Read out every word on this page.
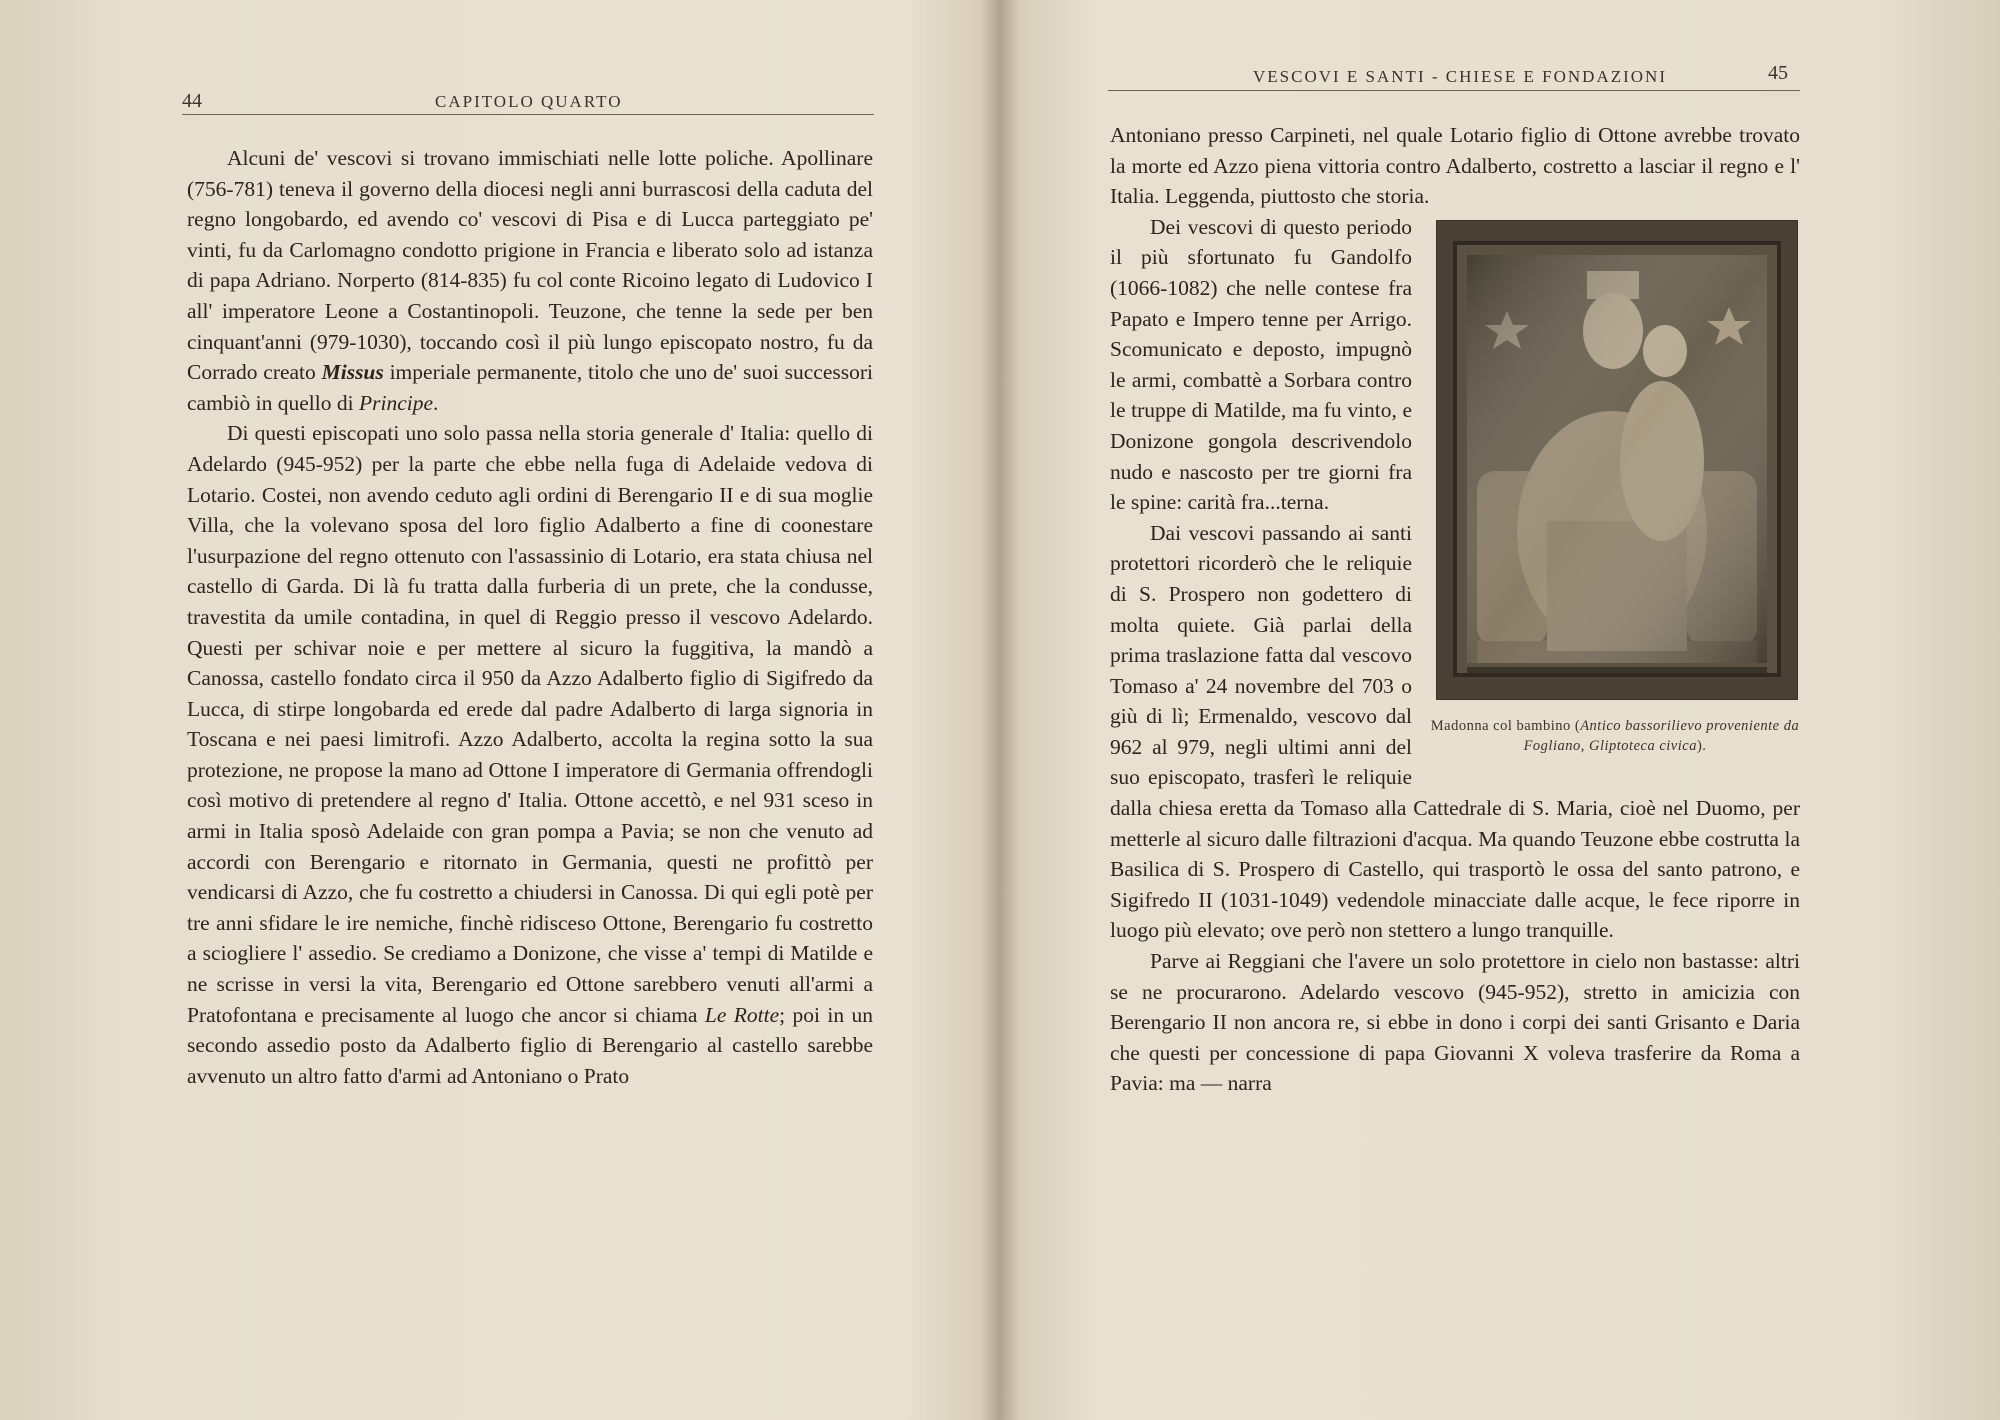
44	CAPITOLO QUARTO

Alcuni de' vescovi si trovano immischiati nelle lotte poliche. Apollinare (756-781) teneva il governo della diocesi negli anni burrascosi della caduta del regno longobardo, ed avendo co' vescovi di Pisa e di Lucca parteggiato pe' vinti, fu da Carlomagno condotto prigione in Francia e liberato solo ad istanza di papa Adriano. Norperto (814-835) fu col conte Ricoino legato di Ludovico I all' imperatore Leone a Costantinopoli. Teuzone, che tenne la sede per ben cinquant'anni (979-1030), toccando così il più lungo episcopato nostro, fu da Corrado creato Missus imperiale permanente, titolo che uno de' suoi successori cambiò in quello di Principe.

Di questi episcopati uno solo passa nella storia generale d' Italia: quello di Adelardo (945-952) per la parte che ebbe nella fuga di Adelaide vedova di Lotario. Costei, non avendo ceduto agli ordini di Berengario II e di sua moglie Villa, che la volevano sposa del loro figlio Adalberto a fine di coonestare l'usurpazione del regno ottenuto con l'assassinio di Lotario, era stata chiusa nel castello di Garda. Di là fu tratta dalla furberia di un prete, che la condusse, travestita da umile contadina, in quel di Reggio presso il vescovo Adelardo. Questi per schivar noie e per mettere al sicuro la fuggitiva, la mandò a Canossa, castello fondato circa il 950 da Azzo Adalberto figlio di Sigifredo da Lucca, di stirpe longobarda ed erede dal padre Adalberto di larga signoria in Toscana e nei paesi limitrofi. Azzo Adalberto, accolta la regina sotto la sua protezione, ne propose la mano ad Ottone I imperatore di Germania offrendogli così motivo di pretendere al regno d' Italia. Ottone accettò, e nel 931 sceso in armi in Italia sposò Adelaide con gran pompa a Pavia; se non che venuto ad accordi con Berengario e ritornato in Germania, questi ne profittò per vendicarsi di Azzo, che fu costretto a chiudersi in Canossa. Di qui egli potè per tre anni sfidare le ire nemiche, finchè ridisceso Ottone, Berengario fu costretto a sciogliere l' assedio. Se crediamo a Donizone, che visse a' tempi di Matilde e ne scrisse in versi la vita, Berengario ed Ottone sarebbero venuti all'armi a Pratofontana e precisamente al luogo che ancor si chiama Le Rotte; poi in un secondo assedio posto da Adalberto figlio di Berengario al castello sarebbe avvenuto un altro fatto d'armi ad Antoniano o Prato

VESCOVI E SANTI - CHIESE E FONDAZIONI	45

Antoniano presso Carpineti, nel quale Lotario figlio di Ottone avrebbe trovato la morte ed Azzo piena vittoria contro Adalberto, costretto a lasciar il regno e l' Italia. Leggenda, piuttosto che storia.

Madonna col bambino (Antico bassorilievo proveniente da Fogliano, Gliptoteca civica).

Dei vescovi di questo periodo il più sfortunato fu Gandolfo (1066-1082) che nelle contese fra Papato e Impero tenne per Arrigo. Scomunicato e deposto, impugnò le armi, combattè a Sorbara contro le truppe di Matilde, ma fu vinto, e Donizone gongola descrivendolo nudo e nascosto per tre giorni fra le spine: carità fra...terna.

Dai vescovi passando ai santi protettori ricorderò che le reliquie di S. Prospero non godettero di molta quiete. Già parlai della prima traslazione fatta dal vescovo Tomaso a' 24 novembre del 703 o giù di lì; Ermenaldo, vescovo dal 962 al 979, negli ultimi anni del suo episcopato, trasferì le reliquie dalla chiesa eretta da Tomaso alla Cattedrale di S. Maria, cioè nel Duomo, per metterle al sicuro dalle filtrazioni d'acqua. Ma quando Teuzone ebbe costrutta la Basilica di S. Prospero di Castello, qui trasportò le ossa del santo patrono, e Sigifredo II (1031-1049) vedendole minacciate dalle acque, le fece riporre in luogo più elevato; ove però non stettero a lungo tranquille.

Parve ai Reggiani che l'avere un solo protettore in cielo non bastasse: altri se ne procurarono. Adelardo vescovo (945-952), stretto in amicizia con Berengario II non ancora re, si ebbe in dono i corpi dei santi Grisanto e Daria che questi per concessione di papa Giovanni X voleva trasferire da Roma a Pavia: ma — narra
